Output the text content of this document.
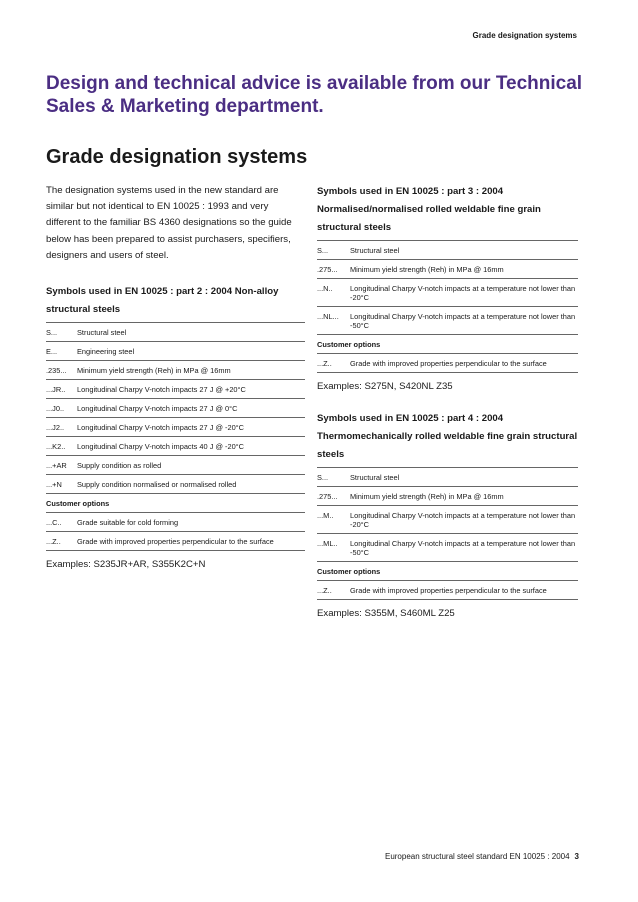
Grade designation systems
Design and technical advice is available from our Technical Sales & Marketing department.
Grade designation systems

The designation systems used in the new standard are similar but not identical to EN 10025 : 1993 and very different to the familiar BS 4360 designations so the guide below has been prepared to assist purchasers, specifiers, designers and users of steel.

Symbols used in EN 10025 : part 2 : 2004 Non-alloy structural steels
S...	Structural steel
E...	Engineering steel
.235...	Minimum yield strength (Reh) in MPa @ 16mm
...JR..	Longitudinal Charpy V-notch impacts 27 J @ +20°C
...J0..	Longitudinal Charpy V-notch impacts 27 J @ 0°C
...J2..	Longitudinal Charpy V-notch impacts 27 J @ -20°C
...K2..	Longitudinal Charpy V-notch impacts 40 J @ -20°C
...+AR	Supply condition as rolled
...+N	Supply condition normalised or normalised rolled
Customer options
...C..	Grade suitable for cold forming
...Z..	Grade with improved properties perpendicular to the surface

Examples: S235JR+AR, S355K2C+N

Symbols used in EN 10025 : part 3 : 2004 Normalised/normalised rolled weldable fine grain structural steels
S...	Structural steel
.275...	Minimum yield strength (Reh) in MPa @ 16mm
...N..	Longitudinal Charpy V-notch impacts at a temperature not lower than -20°C
...NL...	Longitudinal Charpy V-notch impacts at a temperature not lower than -50°C
Customer options
...Z..	Grade with improved properties perpendicular to the surface

Examples: S275N, S420NL Z35

Symbols used in EN 10025 : part 4 : 2004 Thermomechanically rolled weldable fine grain structural steels
S...	Structural steel
.275...	Minimum yield strength (Reh) in MPa @ 16mm
...M..	Longitudinal Charpy V-notch impacts at a temperature not lower than -20°C
...ML..	Longitudinal Charpy V-notch impacts at a temperature not lower than -50°C
Customer options
...Z..	Grade with improved properties perpendicular to the surface

Examples: S355M, S460ML Z25

European structural steel standard EN 10025 : 2004 3
